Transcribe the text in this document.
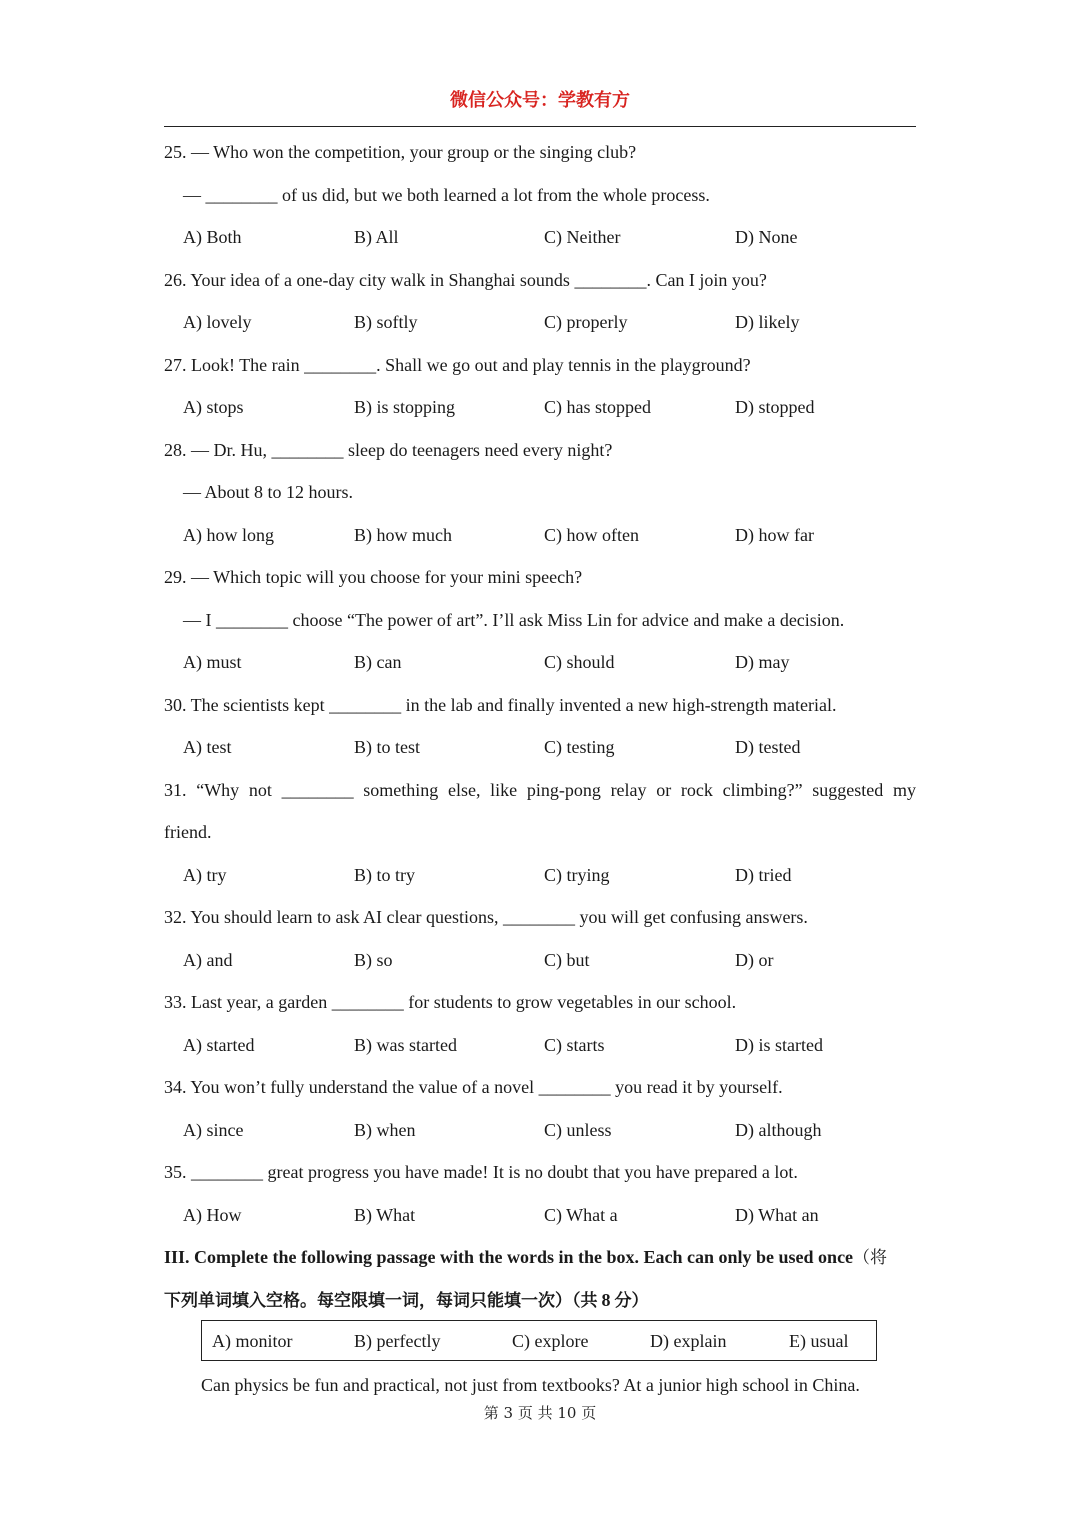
微信公众号：学教有方
25. — Who won the competition, your group or the singing club?
— ________ of us did, but we both learned a lot from the whole process.
A) Both	B) All	C) Neither	D) None
26. Your idea of a one-day city walk in Shanghai sounds ________. Can I join you?
A) lovely	B) softly	C) properly	D) likely
27. Look! The rain ________. Shall we go out and play tennis in the playground?
A) stops	B) is stopping	C) has stopped	D) stopped
28. — Dr. Hu, ________ sleep do teenagers need every night?
— About 8 to 12 hours.
A) how long	B) how much	C) how often	D) how far
29. — Which topic will you choose for your mini speech?
— I ________ choose “The power of art”. I’ll ask Miss Lin for advice and make a decision.
A) must	B) can	C) should	D) may
30. The scientists kept ________ in the lab and finally invented a new high-strength material.
A) test	B) to test	C) testing	D) tested
31. “Why not ________ something else, like ping-pong relay or rock climbing?” suggested my
friend.
A) try	B) to try	C) trying	D) tried
32. You should learn to ask AI clear questions, ________ you will get confusing answers.
A) and	B) so	C) but	D) or
33. Last year, a garden ________ for students to grow vegetables in our school.
A) started	B) was started	C) starts	D) is started
34. You won’t fully understand the value of a novel ________ you read it by yourself.
A) since	B) when	C) unless	D) although
35. ________ great progress you have made! It is no doubt that you have prepared a lot.
A) How	B) What	C) What a	D) What an
III. Complete the following passage with the words in the box. Each can only be used once（将
下列单词填入空格。每空限填一词，每词只能填一次）（共 8 分）
A) monitor	B) perfectly	C) explore	D) explain	E) usual
Can physics be fun and practical, not just from textbooks? At a junior high school in China.
第 3 页 共 10 页
